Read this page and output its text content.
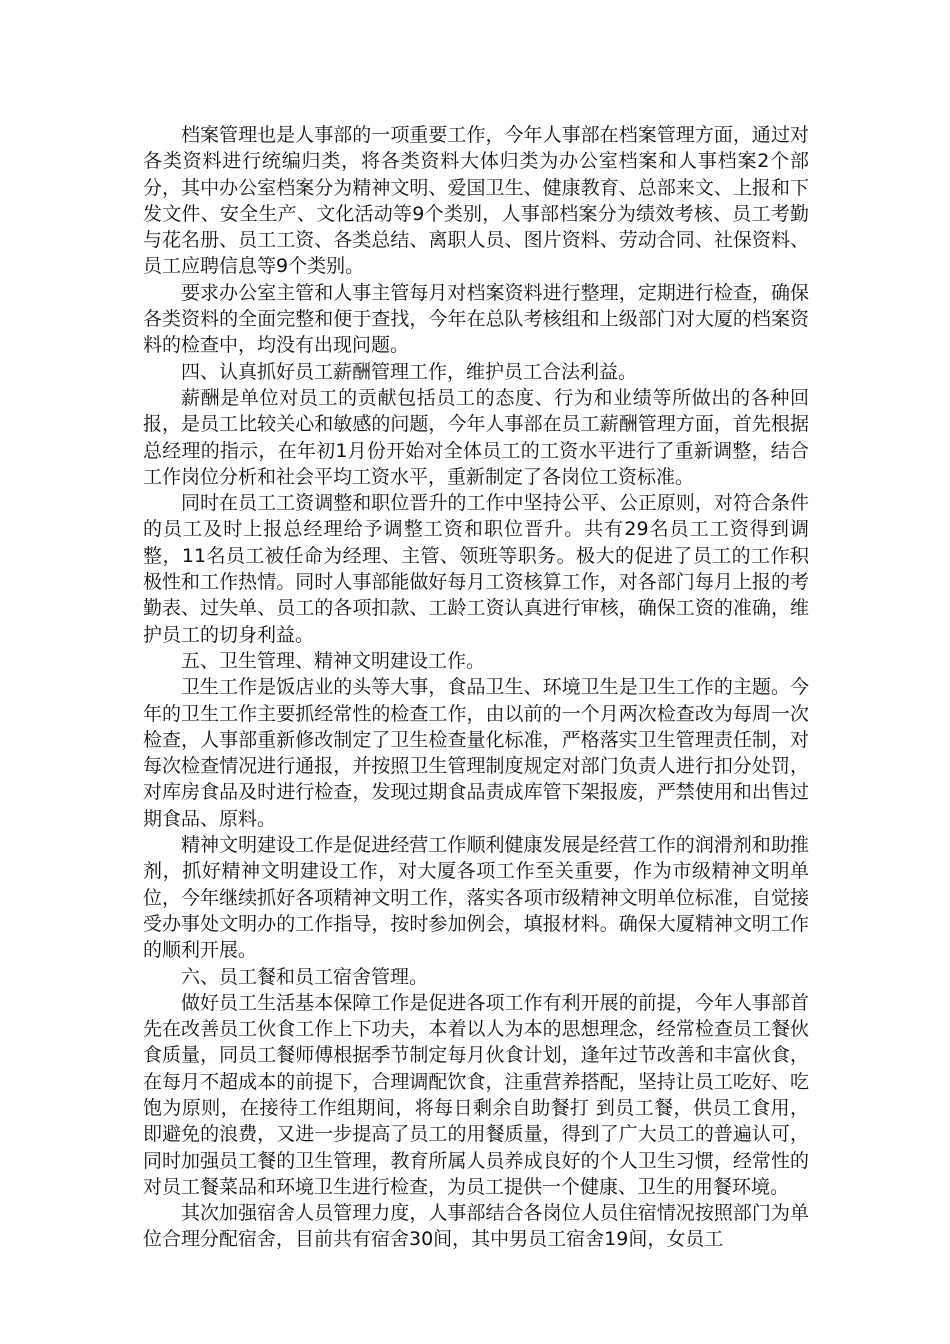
档案管理也是人事部的一项重要工作，今年人事部在档案管理方面，通过对各类资料进行统编归类，将各类资料大体归类为办公室档案和人事档案2个部分，其中办公室档案分为精神文明、爱国卫生、健康教育、总部来文、上报和下发文件、安全生产、文化活动等9个类别，人事部档案分为绩效考核、员工考勤与花名册、员工工资、各类总结、离职人员、图片资料、劳动合同、社保资料、员工应聘信息等9个类别。

要求办公室主管和人事主管每月对档案资料进行整理，定期进行检查，确保各类资料的全面完整和便于查找，今年在总队考核组和上级部门对大厦的档案资料的检查中，均没有出现问题。

四、认真抓好员工薪酬管理工作，维护员工合法利益。

薪酬是单位对员工的贡献包括员工的态度、行为和业绩等所做出的各种回报，是员工比较关心和敏感的问题，今年人事部在员工薪酬管理方面，首先根据总经理的指示，在年初1月份开始对全体员工的工资水平进行了重新调整，结合工作岗位分析和社会平均工资水平，重新制定了各岗位工资标准。

同时在员工工资调整和职位晋升的工作中坚持公平、公正原则，对符合条件的员工及时上报总经理给予调整工资和职位晋升。共有29名员工工资得到调整，11名员工被任命为经理、主管、领班等职务。极大的促进了员工的工作积极性和工作热情。同时人事部能做好每月工资核算工作，对各部门每月上报的考勤表、过失单、员工的各项扣款、工龄工资认真进行审核，确保工资的准确，维护员工的切身利益。

五、卫生管理、精神文明建设工作。

卫生工作是饭店业的头等大事，食品卫生、环境卫生是卫生工作的主题。今年的卫生工作主要抓经常性的检查工作，由以前的一个月两次检查改为每周一次检查，人事部重新修改制定了卫生检查量化标准，严格落实卫生管理责任制，对每次检查情况进行通报，并按照卫生管理制度规定对部门负责人进行扣分处罚，对库房食品及时进行检查，发现过期食品责成库管下架报废，严禁使用和出售过期食品、原料。

精神文明建设工作是促进经营工作顺利健康发展是经营工作的润滑剂和助推剂，抓好精神文明建设工作，对大厦各项工作至关重要，作为市级精神文明单位，今年继续抓好各项精神文明工作，落实各项市级精神文明单位标准，自觉接受办事处文明办的工作指导，按时参加例会，填报材料。确保大厦精神文明工作的顺利开展。

六、员工餐和员工宿舍管理。

做好员工生活基本保障工作是促进各项工作有利开展的前提，今年人事部首先在改善员工伙食工作上下功夫，本着以人为本的思想理念，经常检查员工餐伙食质量，同员工餐师傅根据季节制定每月伙食计划，逢年过节改善和丰富伙食，在每月不超成本的前提下，合理调配饮食，注重营养搭配，坚持让员工吃好、吃饱为原则，在接待工作组期间，将每日剩余自助餐打 到员工餐，供员工食用，即避免的浪费，又进一步提高了员工的用餐质量，得到了广大员工的普遍认可，同时加强员工餐的卫生管理，教育所属人员养成良好的个人卫生习惯，经常性的对员工餐菜品和环境卫生进行检查，为员工提供一个健康、卫生的用餐环境。

其次加强宿舍人员管理力度，人事部结合各岗位人员住宿情况按照部门为单位合理分配宿舍，目前共有宿舍30间，其中男员工宿舍19间，女员工
